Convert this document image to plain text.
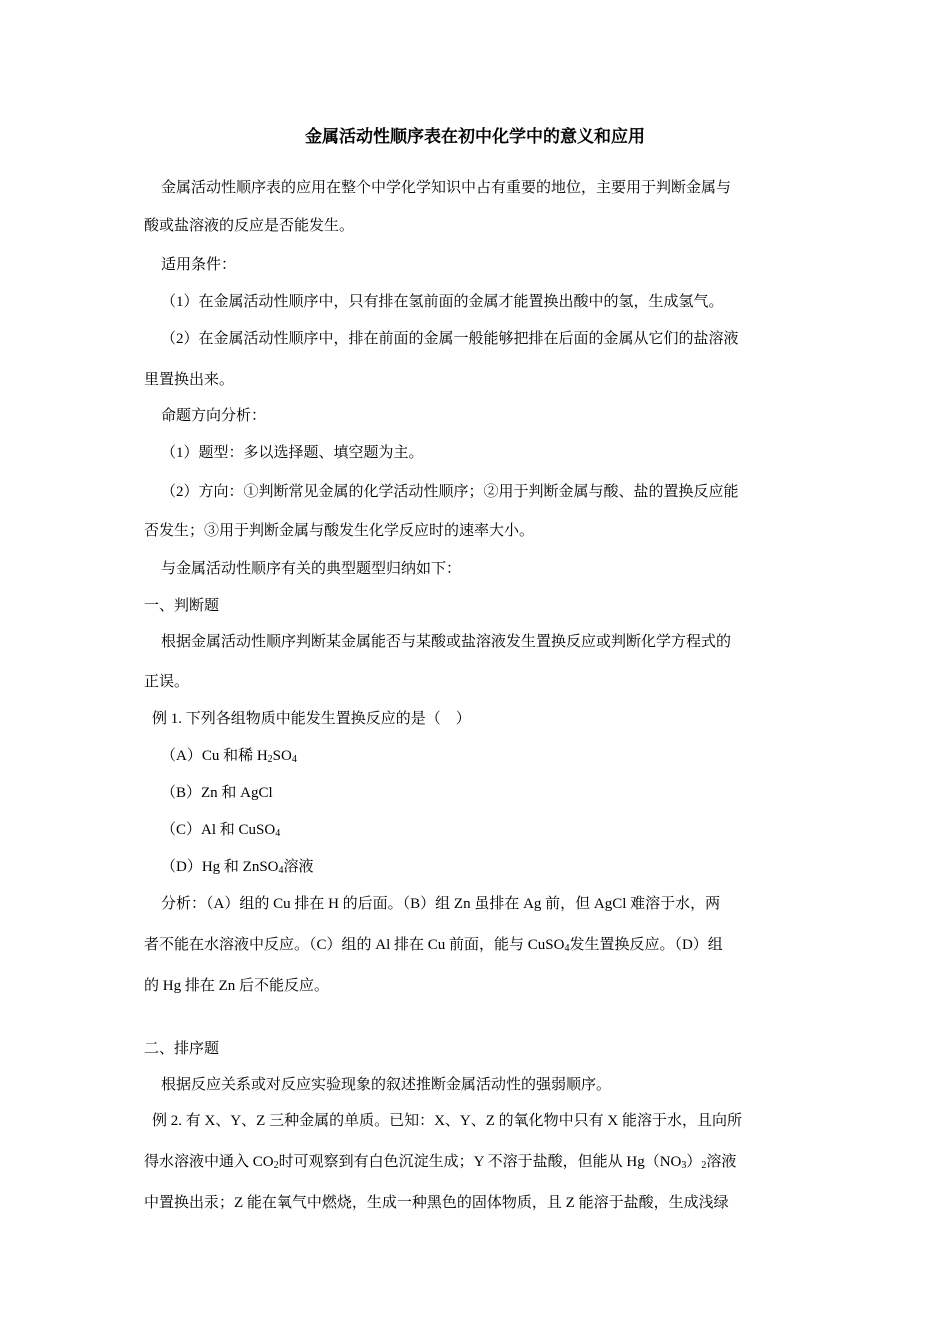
金属活动性顺序表在初中化学中的意义和应用
金属活动性顺序表的应用在整个中学化学知识中占有重要的地位，主要用于判断金属与
酸或盐溶液的反应是否能发生。
适用条件：
（1）在金属活动性顺序中，只有排在氢前面的金属才能置换出酸中的氢，生成氢气。
（2）在金属活动性顺序中，排在前面的金属一般能够把排在后面的金属从它们的盐溶液
里置换出来。
命题方向分析：
（1）题型：多以选择题、填空题为主。
（2）方向：①判断常见金属的化学活动性顺序；②用于判断金属与酸、盐的置换反应能
否发生；③用于判断金属与酸发生化学反应时的速率大小。
与金属活动性顺序有关的典型题型归纳如下：
一、判断题
根据金属活动性顺序判断某金属能否与某酸或盐溶液发生置换反应或判断化学方程式的
正误。
例 1. 下列各组物质中能发生置换反应的是（　）
（A）Cu 和稀 $H_2SO_4$
（B）Zn 和 AgCl
（C）Al 和 CuSO$_4$
（D）Hg 和 ZnSO$_4$溶液
分析：（A）组的 Cu 排在 H 的后面。（B）组 Zn 虽排在 Ag 前，但 AgCl 难溶于水，两
者不能在水溶液中反应。（C）组的 Al 排在 Cu 前面，能与 CuSO$_4$发生置换反应。（D）组
的 Hg 排在 Zn 后不能反应。
二、排序题
根据反应关系或对反应实验现象的叙述推断金属活动性的强弱顺序。
例 2. 有 X、Y、Z 三种金属的单质。已知：X、Y、Z 的氧化物中只有 X 能溶于水，且向所
得水溶液中通入 $CO_2$时可观察到有白色沉淀生成；Y 不溶于盐酸，但能从 $Hg(NO_3)_2$溶液
中置换出汞；Z 能在氧气中燃烧，生成一种黑色的固体物质，且 Z 能溶于盐酸，生成浅绿
